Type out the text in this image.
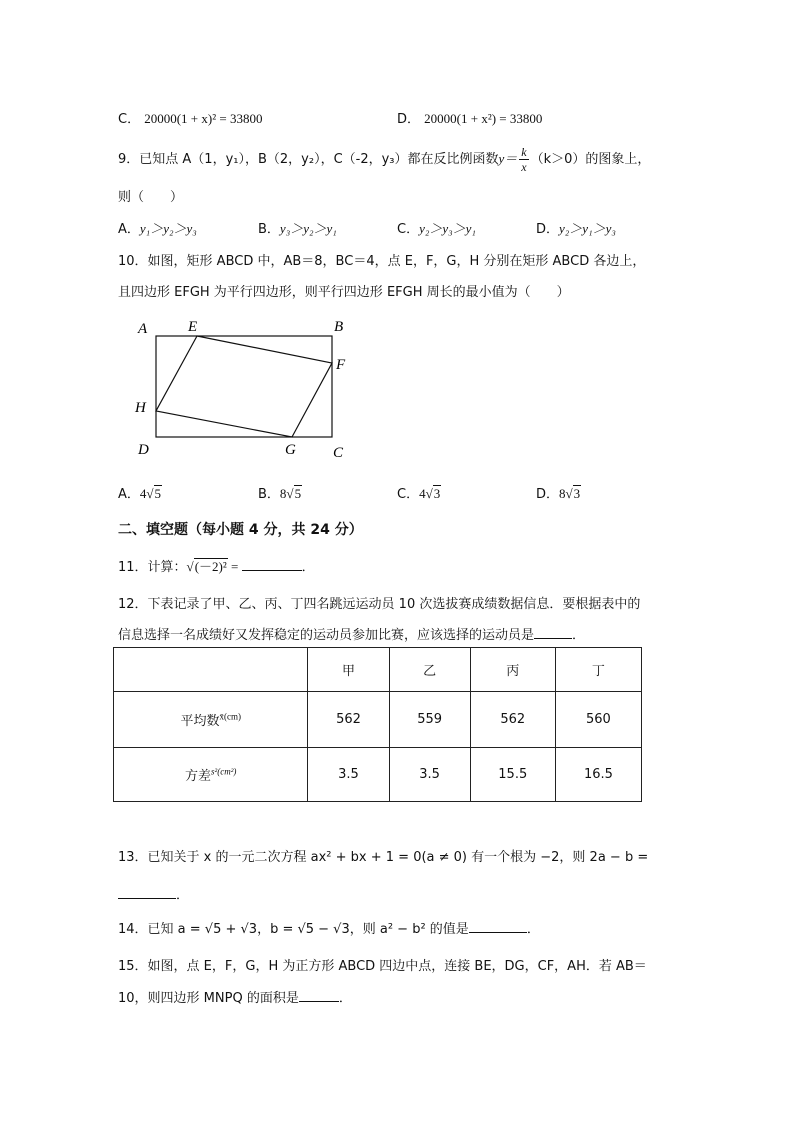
C． 20000(1 + x)² = 33800	D． 20000(1 + x²) = 33800
9．已知点 A（1，y₁），B（2，y₂），C（-2，y₃）都在反比例函数$y= \frac{k}{x} (k>0)$的图象上，
则（　　）
A．y₁＞y₂＞y₃	B．y₃＞y₂＞y₁	C．y₂＞y₃＞y₁	D．y₂＞y₁＞y₃
10．如图，矩形 ABCD 中，AB＝8，BC＝4，点 E，F，G，H 分别在矩形 ABCD 各边上，
且四边形 EFGH 为平行四边形，则平行四边形 EFGH 周长的最小值为（　　）
A	E	B
F
H
D	G C
A．4√5	B．8√5	C．4√3	D．8√3
二、填空题（每小题 4 分，共 24 分）
11．计算：√(－2)² =	．
12．下表记录了甲、乙、丙、丁四名跳远运动员 10 次选拔赛成绩数据信息．要根据表中的
信息选择一名成绩好又发挥稳定的运动员参加比赛，应该选择的运动员是	．
	甲	乙	丙	丁
平均数$^{x̄(cm)}$	562	559	562	560
方差$^{s^2(cm^2)}$	3.5	3.5	15.5	16.5
13．已知关于 x 的一元二次方程 ax² + bx + 1 = 0(a ≠ 0) 有一个根为 −2，则 2a − b =
．
14．已知 a = √5 + √3，b = √5 − √3，则 a² − b² 的值是	．
15．如图，点 E，F，G，H 为正方形 ABCD 四边中点，连接 BE，DG，CF，AH．若 AB＝
10，则四边形 MNPQ 的面积是	．
